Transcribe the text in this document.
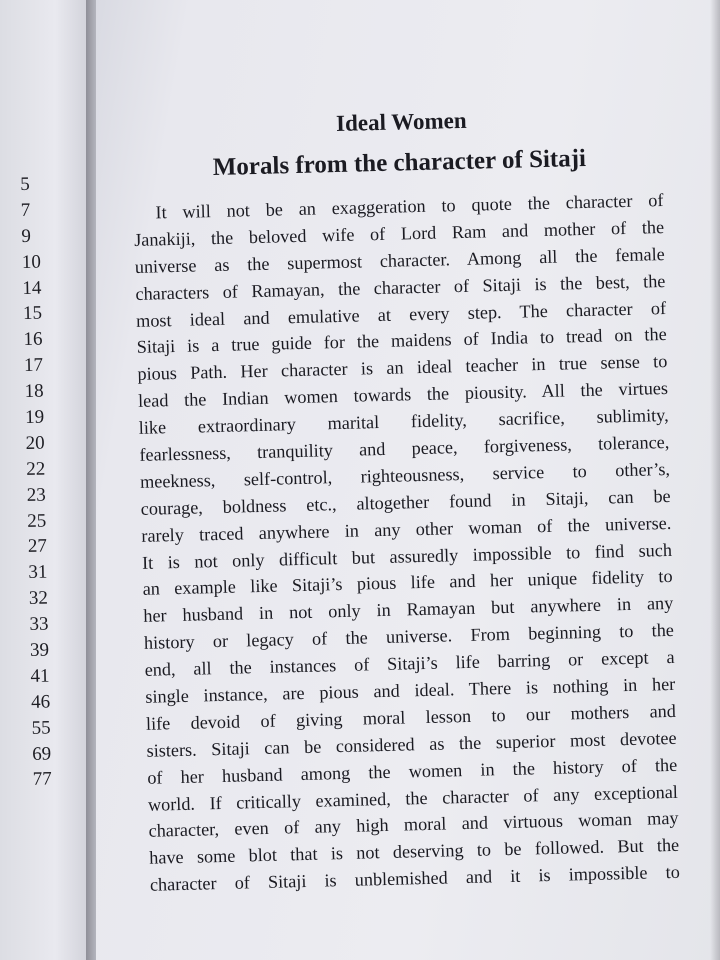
5
7
9
10
14
15
16
17
18
19
20
22
23
25
27
31
32
33
39
41
46
55
69
77
Ideal Women
Morals from the character of Sitaji
It will not be an exaggeration to quote the character of
Janakiji, the beloved wife of Lord Ram and mother of the
universe as the supermost character. Among all the female
characters of Ramayan, the character of Sitaji is the best, the
most ideal and emulative at every step. The character of
Sitaji is a true guide for the maidens of India to tread on the
pious Path. Her character is an ideal teacher in true sense to
lead the Indian women towards the piousity. All the virtues
like extraordinary marital fidelity, sacrifice, sublimity,
fearlessness, tranquility and peace, forgiveness, tolerance,
meekness, self-control, righteousness, service to other’s,
courage, boldness etc., altogether found in Sitaji, can be
rarely traced anywhere in any other woman of the universe.
It is not only difficult but assuredly impossible to find such
an example like Sitaji’s pious life and her unique fidelity to
her husband in not only in Ramayan but anywhere in any
history or legacy of the universe. From beginning to the
end, all the instances of Sitaji’s life barring or except a
single instance, are pious and ideal. There is nothing in her
life devoid of giving moral lesson to our mothers and
sisters. Sitaji can be considered as the superior most devotee
of her husband among the women in the history of the
world. If critically examined, the character of any exceptional
character, even of any high moral and virtuous woman may
have some blot that is not deserving to be followed. But the
character of Sitaji is unblemished and it is impossible to
